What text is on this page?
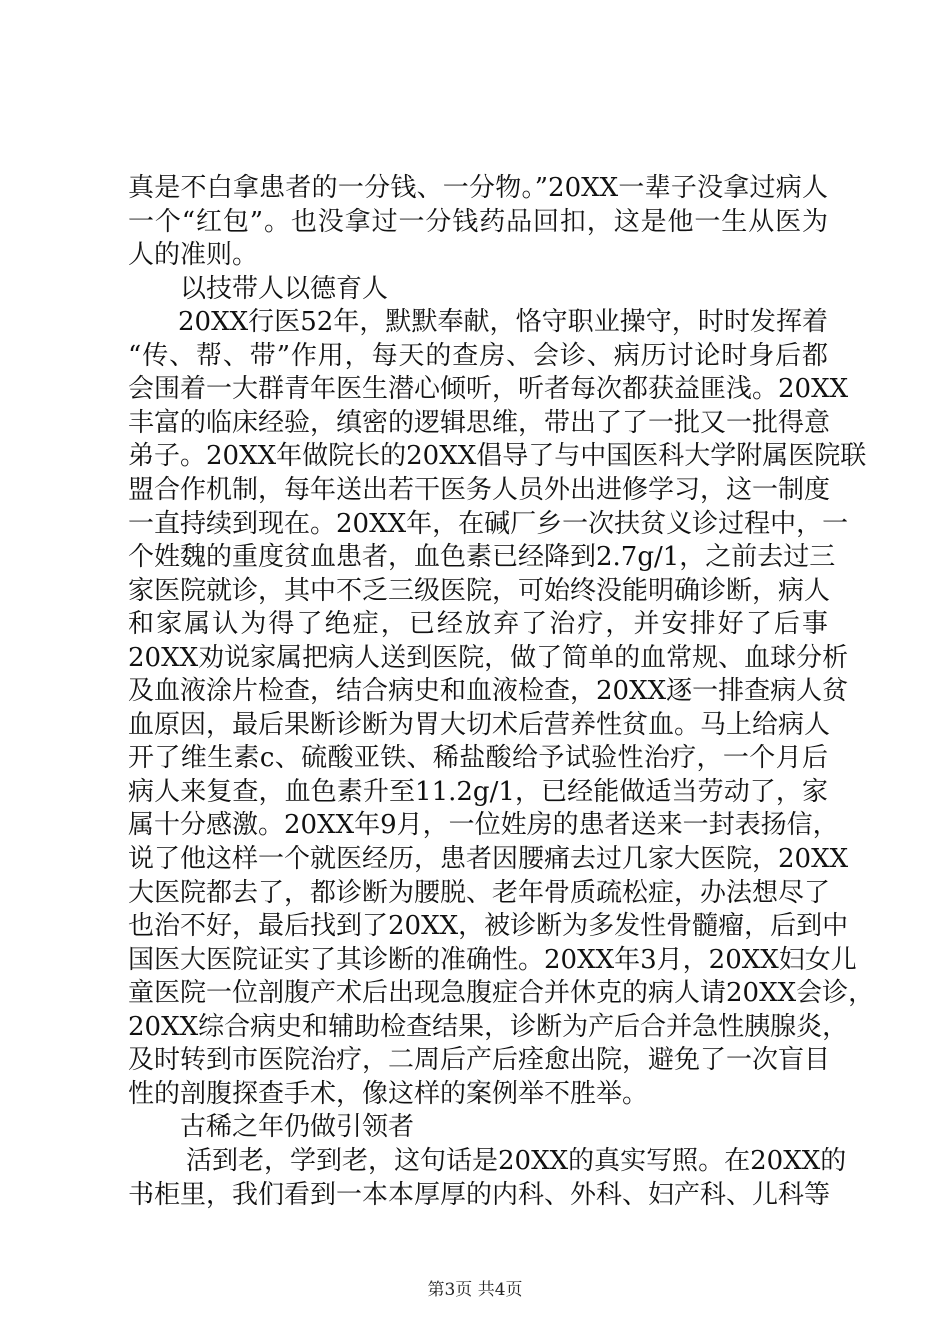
真是不白拿患者的一分钱、一分物。”20XX一辈子没拿过病人
一个“红包”。也没拿过一分钱药品回扣，这是他一生从医为
人的准则。
以技带人以德育人
20XX行医52年，默默奉献，恪守职业操守，时时发挥着
“传、帮、带”作用，每天的查房、会诊、病历讨论时身后都
会围着一大群青年医生潜心倾听，听者每次都获益匪浅。20XX
丰富的临床经验，缜密的逻辑思维，带出了了一批又一批得意
弟子。20XX年做院长的20XX倡导了与中国医科大学附属医院联
盟合作机制，每年送出若干医务人员外出进修学习，这一制度
一直持续到现在。20XX年，在碱厂乡一次扶贫义诊过程中，一
个姓魏的重度贫血患者，血色素已经降到2.7g/1，之前去过三
家医院就诊，其中不乏三级医院，可始终没能明确诊断，病人
和家属认为得了绝症，已经放弃了治疗，并安排好了后事
20XX劝说家属把病人送到医院，做了简单的血常规、血球分析
及血液涂片检查，结合病史和血液检查，20XX逐一排查病人贫
血原因，最后果断诊断为胃大切术后营养性贫血。马上给病人
开了维生素c、硫酸亚铁、稀盐酸给予试验性治疗，一个月后
病人来复查，血色素升至11.2g/1，已经能做适当劳动了，家
属十分感激。20XX年9月，一位姓房的患者送来一封表扬信，
说了他这样一个就医经历，患者因腰痛去过几家大医院，20XX
大医院都去了，都诊断为腰脱、老年骨质疏松症，办法想尽了
也治不好，最后找到了20XX，被诊断为多发性骨髓瘤，后到中
国医大医院证实了其诊断的准确性。20XX年3月，20XX妇女儿
童医院一位剖腹产术后出现急腹症合并休克的病人请20XX会诊，
20XX综合病史和辅助检查结果，诊断为产后合并急性胰腺炎，
及时转到市医院治疗，二周后产后痊愈出院，避免了一次盲目
性的剖腹探查手术，像这样的案例举不胜举。
古稀之年仍做引领者
活到老，学到老，这句话是20XX的真实写照。在20XX的
书柜里，我们看到一本本厚厚的内科、外科、妇产科、儿科等
第3页 共4页
